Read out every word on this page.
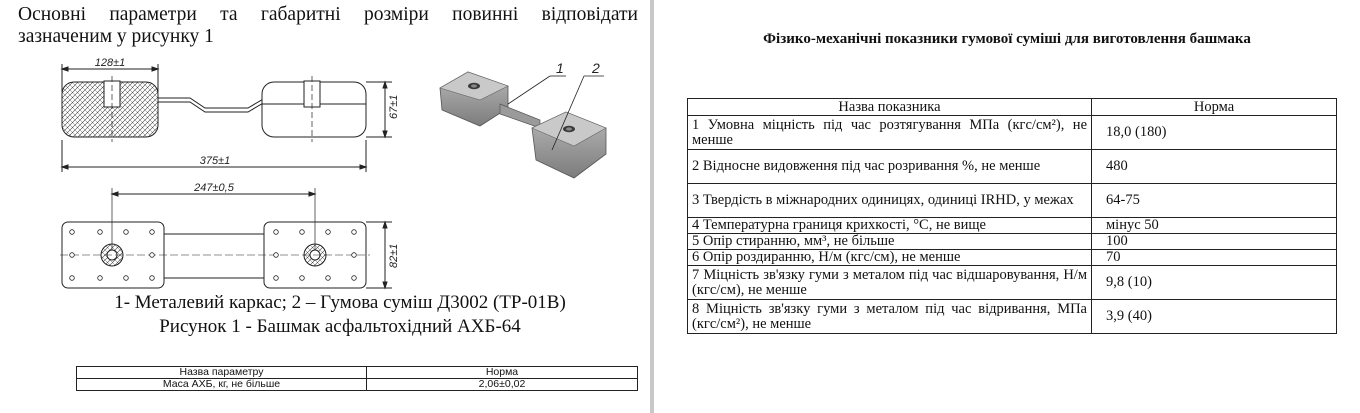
Основні параметри та габаритні розміри повинні відповідати
зазначеним у рисунку 1
128±1
67±1
375±1
247±0,5
82±1
1 2
1- Металевий каркас; 2 – Гумова суміш Д3002 (ТР-01В)
Рисунок 1 - Башмак асфальтохідний АХБ-64
Назва параметру	Норма
Маса АХБ, кг, не більше	2,06±0,02
Фізико-механічні показники гумової суміші для виготовлення башмака
Назва показника	Норма
1 Умовна міцність під час розтягування МПа (кгс/см²), не менше	18,0 (180)
2 Відносне видовження під час розривання %, не менше	480
3 Твердість в міжнародних одиницях, одиниці IRHD, у межах	64-75
4 Температурна границя крихкості, °С, не вище	мінус 50
5 Опір стиранню, мм³, не більше	100
6 Опір роздиранню, Н/м (кгс/см), не менше	70
7 Міцність зв'язку гуми з металом під час відшаровування, Н/м (кгс/см), не менше	9,8 (10)
8 Міцність зв'язку гуми з металом під час відривання, МПа (кгс/см²), не менше	3,9 (40)
